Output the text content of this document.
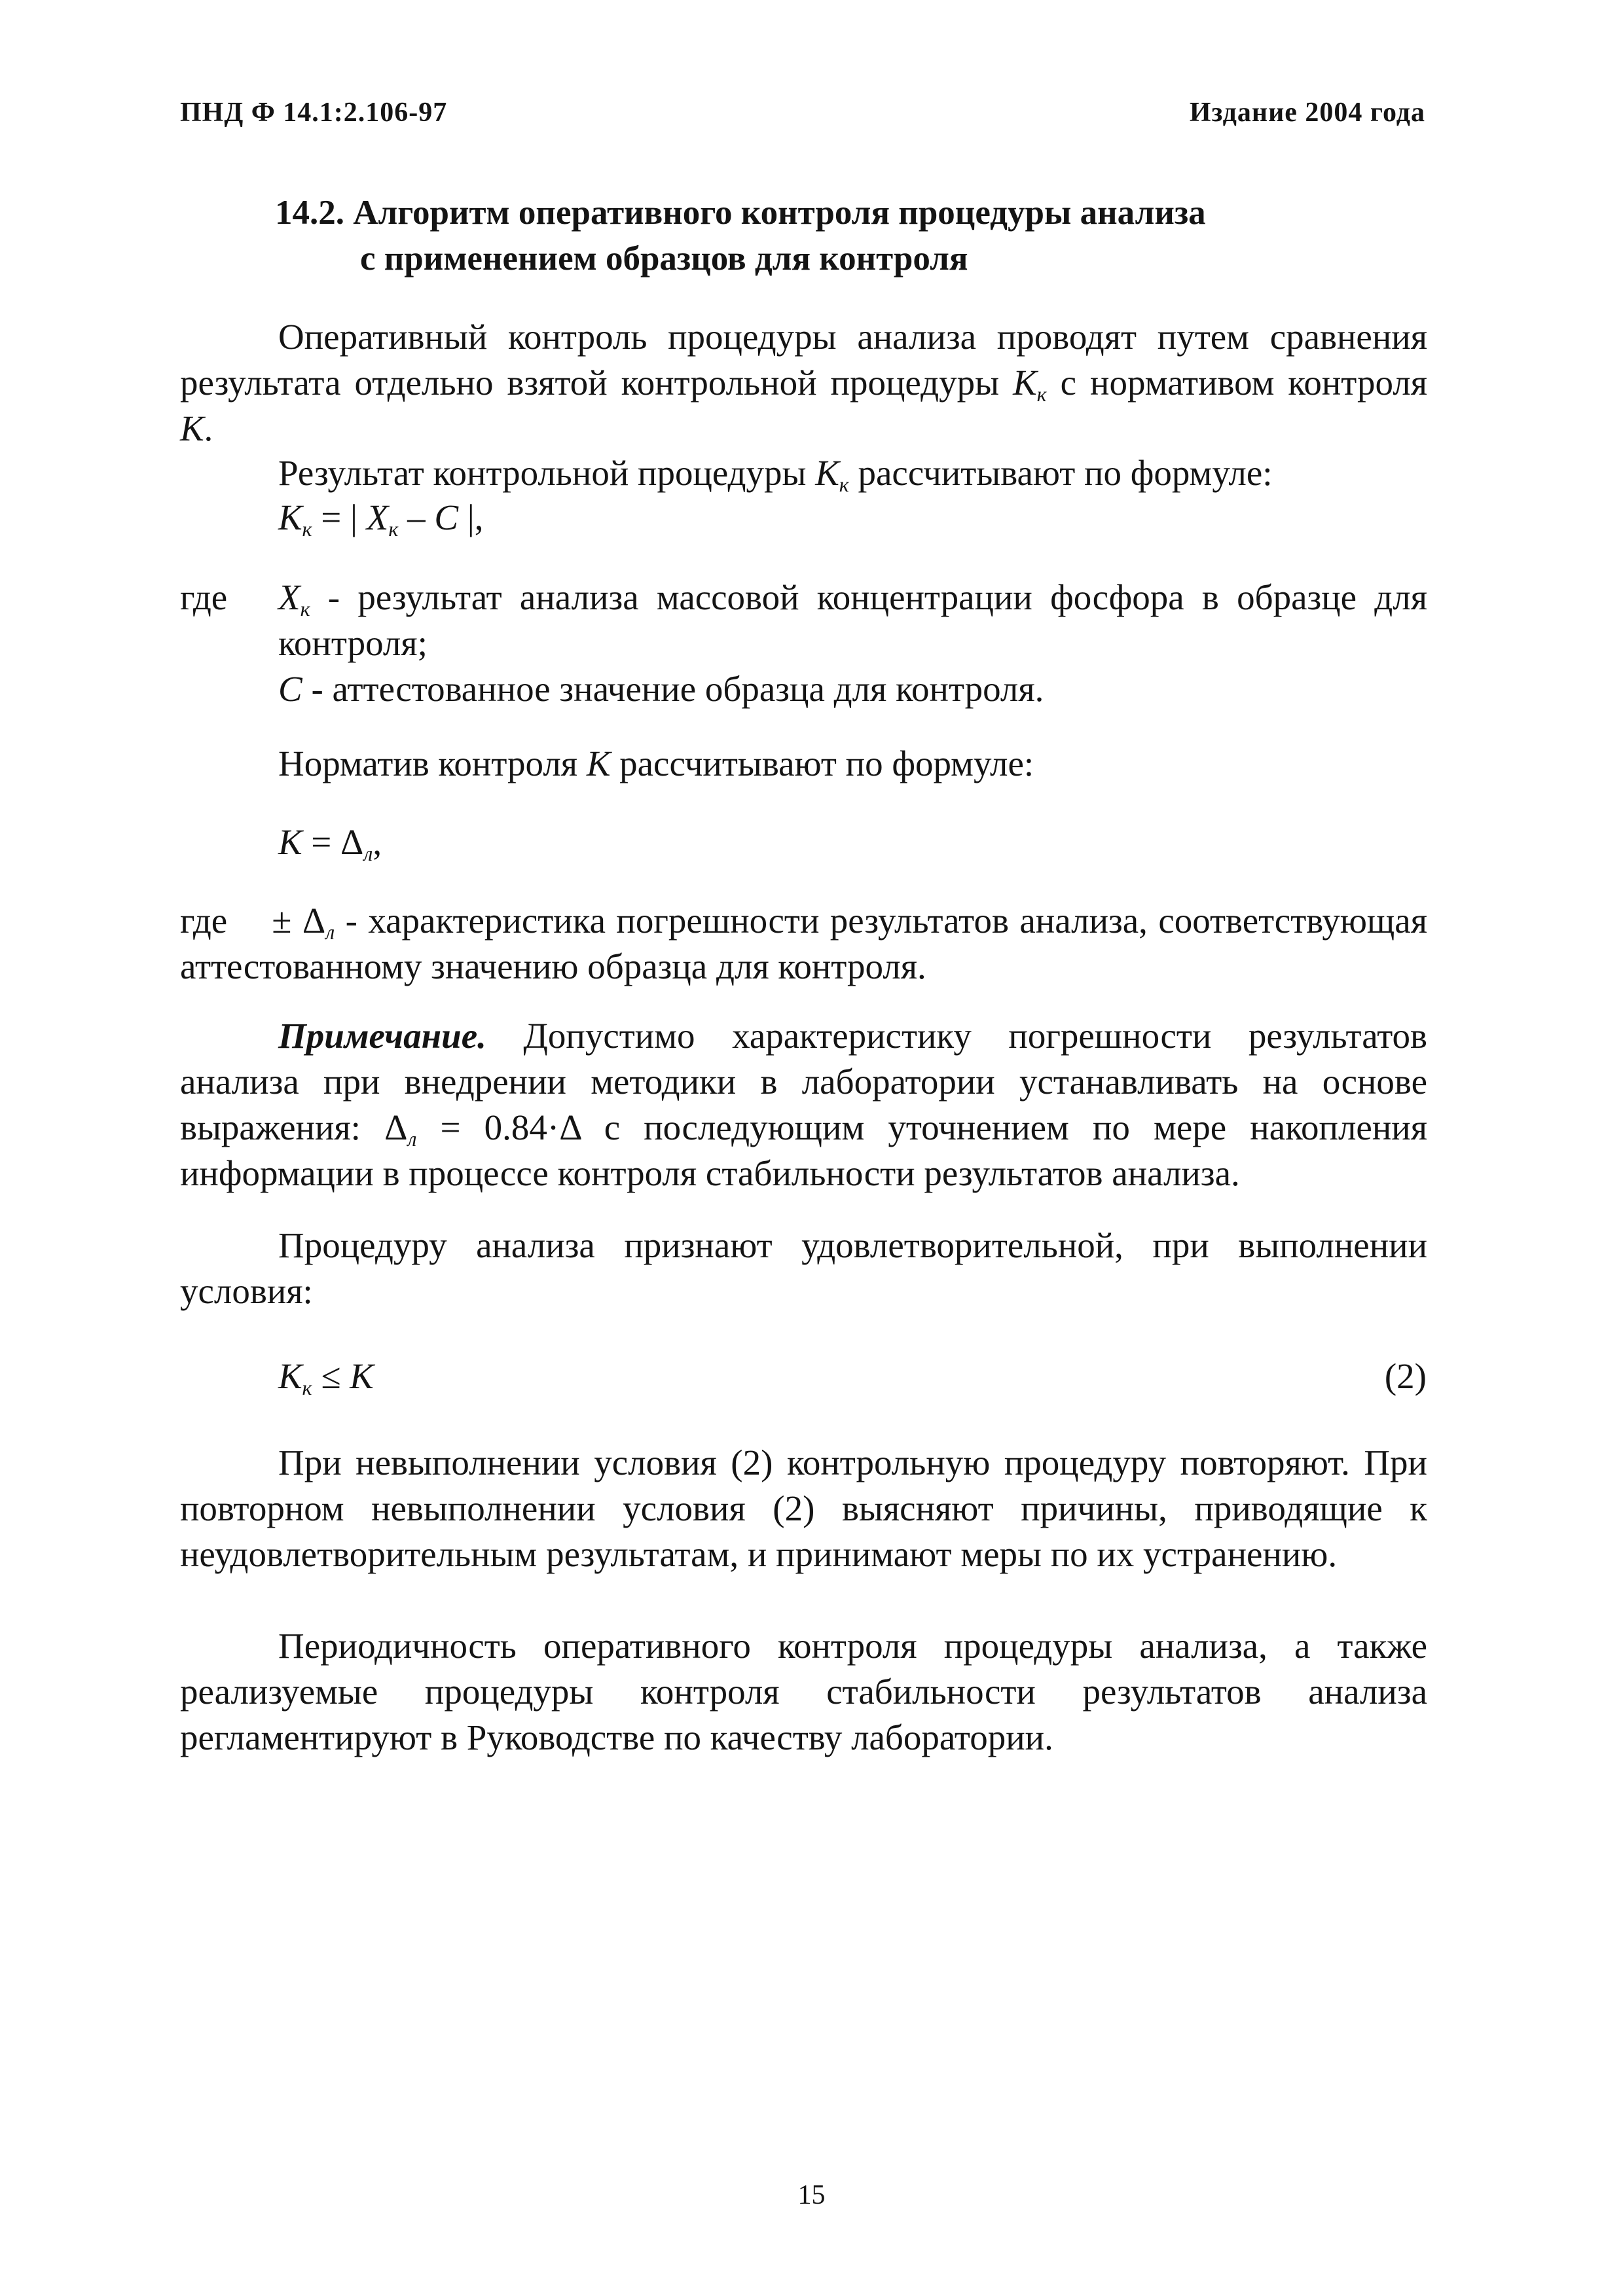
ПНД Ф 14.1:2.106-97	Издание 2004 года
14.2. Алгоритм оперативного контроля процедуры анализа
с применением образцов для контроля
Оперативный контроль процедуры анализа проводят путем сравнения результата отдельно взятой контрольной процедуры $К_к$ с нормативом контроля К.
Результат контрольной процедуры $К_к$ рассчитывают по формуле:
$К_к$ = | $Х_к$ – С |,
где $Х_к$ - результат анализа массовой концентрации фосфора в образце для контроля;
С - аттестованное значение образца для контроля.
Норматив контроля К рассчитывают по формуле:
$К = \Delta_л$,
где ± $\Delta_л$ - характеристика погрешности результатов анализа, соответствующая аттестованному значению образца для контроля.
Примечание. Допустимо характеристику погрешности результатов анализа при внедрении методики в лаборатории устанавливать на основе выражения: $\Delta_л = 0.84\cdot\Delta$ с последующим уточнением по мере накопления информации в процессе контроля стабильности результатов анализа.
Процедуру анализа признают удовлетворительной, при выполнении условия:
$К_к \le К$	(2)
При невыполнении условия (2) контрольную процедуру повторяют. При повторном невыполнении условия (2) выясняют причины, приводящие к неудовлетворительным результатам, и принимают меры по их устранению.
Периодичность оперативного контроля процедуры анализа, а также реализуемые процедуры контроля стабильности результатов анализа регламентируют в Руководстве по качеству лаборатории.
15
